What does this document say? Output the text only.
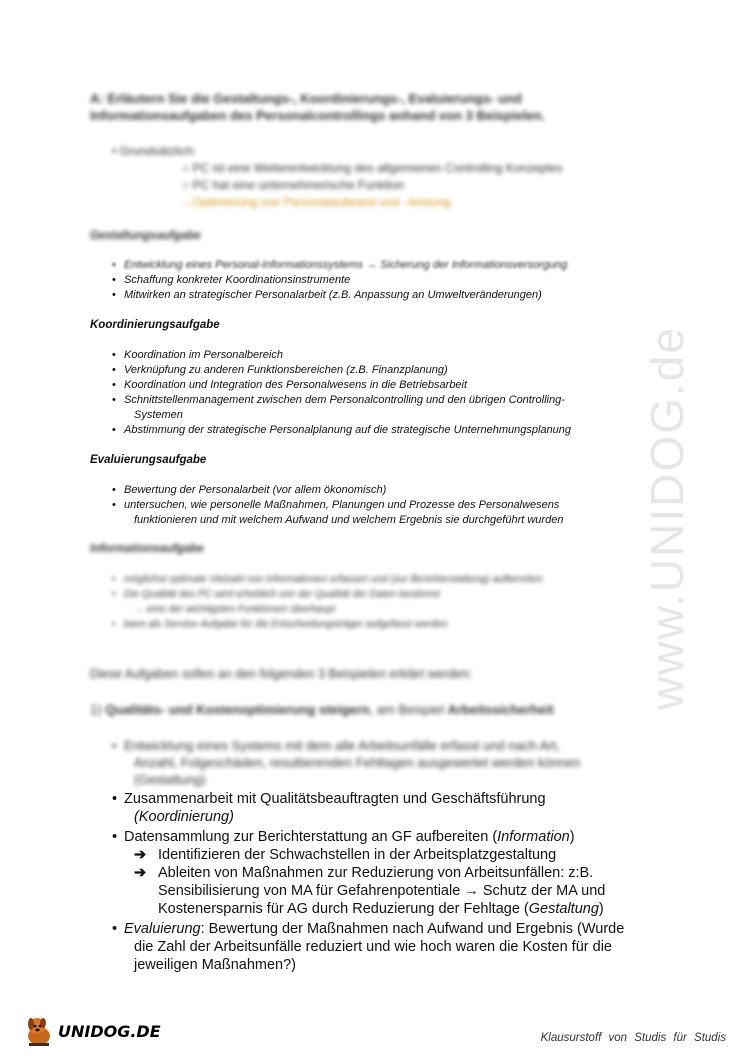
www.UNIDOG.de
A: Erläutern Sie die Gestaltungs-, Koordinierungs-, Evaluierungs- und Informationsaufgaben des Personalcontrollings anhand von 3 Beispielen.
• Grundsätzlich:
○ PC ist eine Weiterentwicklung des allgemeinen Controlling Konzeptes
○ PC hat eine unternehmerische Funktion
→Optimierung von Personalaufwand und –leistung
Gestaltungsaufgabe
• Entwicklung eines Personal-Informationssystems → Sicherung der Informationsversorgung
• Schaffung konkreter Koordinationsinstrumente
• Mitwirken an strategischer Personalarbeit (z.B. Anpassung an Umweltveränderungen)
Koordinierungsaufgabe
• Koordination im Personalbereich
• Verknüpfung zu anderen Funktionsbereichen (z.B. Finanzplanung)
• Koordination und Integration des Personalwesens in die Betriebsarbeit
• Schnittstellenmanagement zwischen dem Personalcontrolling und den übrigen Controlling-
Systemen
• Abstimmung der strategische Personalplanung auf die strategische Unternehmungsplanung
Evaluierungsaufgabe
• Bewertung der Personalarbeit (vor allem ökonomisch)
• untersuchen, wie personelle Maßnahmen, Planungen und Prozesse des Personalwesens
funktionieren und mit welchem Aufwand und welchem Ergebnis sie durchgeführt wurden
Informationsaufgabe
• möglichst optimale Vielzahl von Informationen erfassen und (zur Berichterstattung) aufbereiten
• Die Qualität des PC wird erheblich von der Qualität der Daten bestimmt
→ eine der wichtigsten Funktionen überhaupt
• kann als Service-Aufgabe für die Entscheidungsträger aufgefasst werden
Diese Aufgaben sollen an den folgenden 3 Beispielen erklärt werden:
1) Qualitäts- und Kostenoptimierung steigern, am Beispiel Arbeitssicherheit
• Entwicklung eines Systems mit dem alle Arbeitsunfälle erfasst und nach Art,
Anzahl, Folgeschäden, resultierenden Fehltagen ausgewertet werden können
(Gestaltung)
• Zusammenarbeit mit Qualitätsbeauftragten und Geschäftsführung
(Koordinierung)
• Datensammlung zur Berichterstattung an GF aufbereiten (Information)
➔ Identifizieren der Schwachstellen in der Arbeitsplatzgestaltung
➔ Ableiten von Maßnahmen zur Reduzierung von Arbeitsunfällen: z:B.
Sensibilisierung von MA für Gefahrenpotentiale → Schutz der MA und
Kostenersparnis für AG durch Reduzierung der Fehltage (Gestaltung)
• Evaluierung: Bewertung der Maßnahmen nach Aufwand und Ergebnis (Wurde
die Zahl der Arbeitsunfälle reduziert und wie hoch waren die Kosten für die
jeweiligen Maßnahmen?)
UNIDOG.DE	Klausurstoff von Studis für Studis
